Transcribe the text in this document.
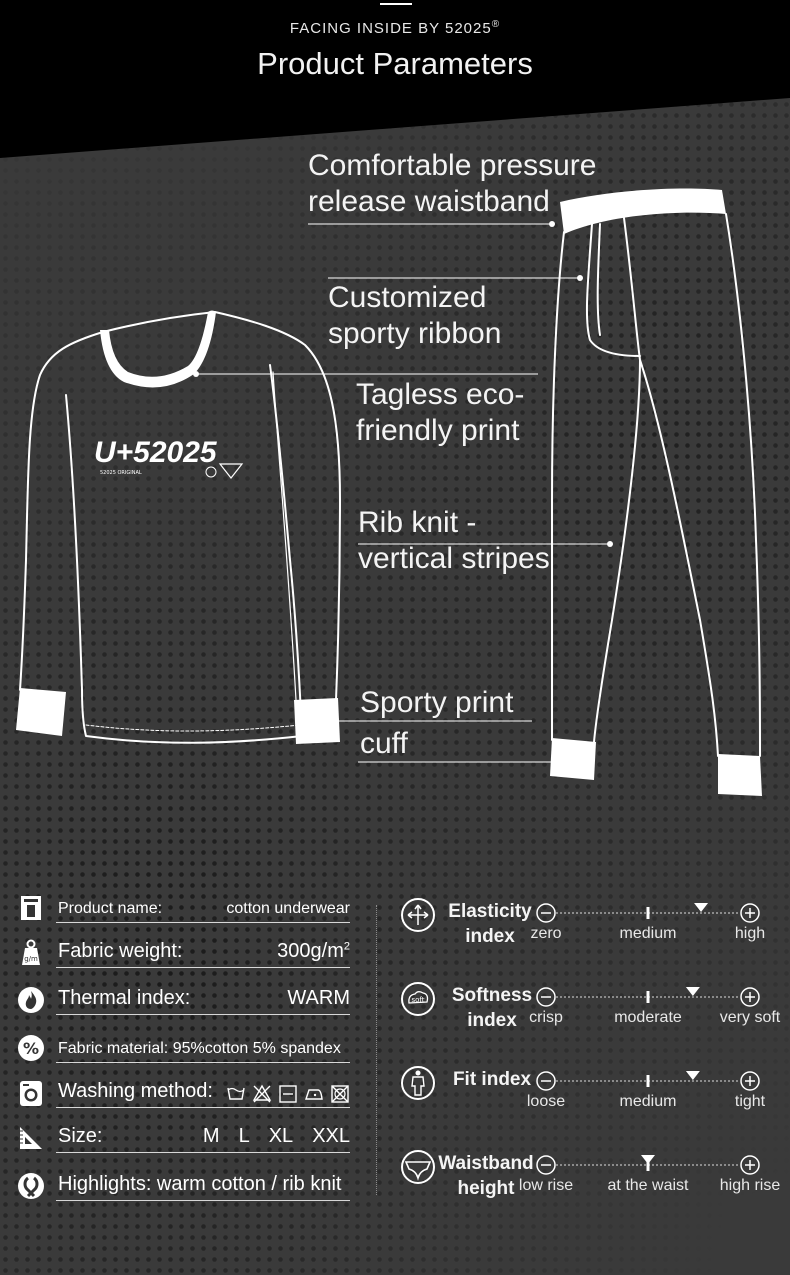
FACING INSIDE BY 52025®
Product Parameters
U+52025
52025 ORIGINAL
Comfortable pressure
release waistband
Customized
sporty ribbon
Tagless eco-
friendly print
Rib knit -
vertical stripes
Sporty print
cuff
Product name:	cotton underwear
g/m Fabric weight:	$300g/m^2$
Thermal index:	WARM
% Fabric material: 95%cotton 5% spandex
Washing method:
Size:	M L XL XXL
Highlights: warm cotton / rib knit
Elasticity
index zero	medium	high
soft	Softness
index crisp	moderate very soft
Fit index
loose	medium	tight
Waistband
height low rise at the waist high rise
